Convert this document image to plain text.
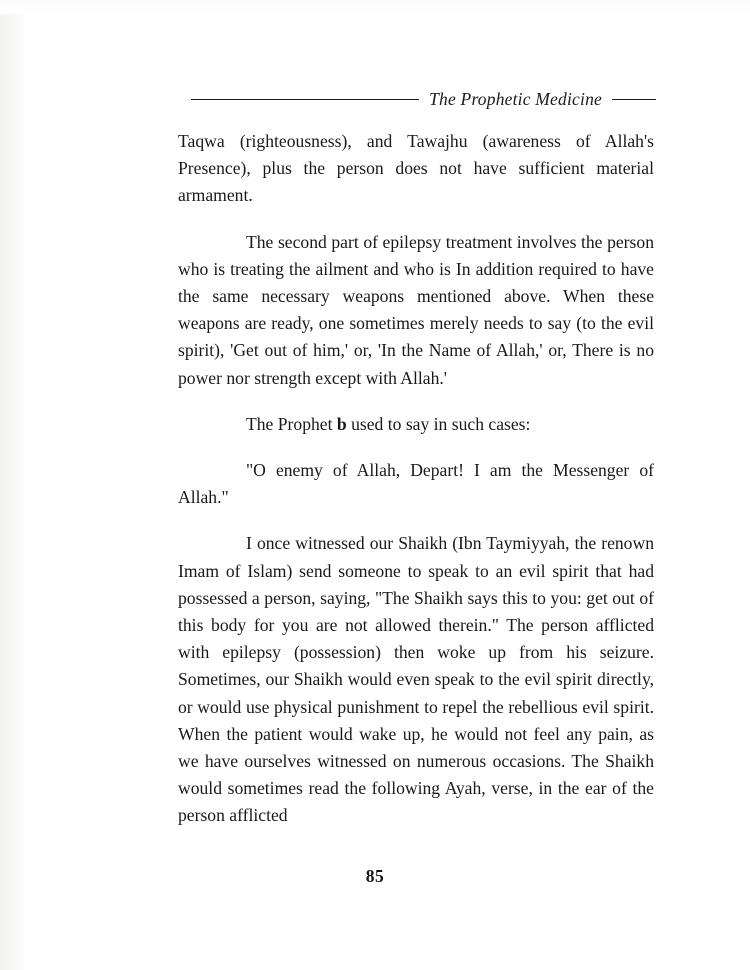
The Prophetic Medicine

Taqwa (righteousness), and Tawajhu (awareness of Allah's Presence), plus the person does not have sufficient material armament.

The second part of epilepsy treatment involves the person who is treating the ailment and who is In addition required to have the same necessary weapons mentioned above. When these weapons are ready, one sometimes merely needs to say (to the evil spirit), 'Get out of him,' or, 'In the Name of Allah,' or, There is no power nor strength except with Allah.'

The Prophet b used to say in such cases:

"O enemy of Allah, Depart! I am the Messenger of Allah."

I once witnessed our Shaikh (Ibn Taymiyyah, the renown Imam of Islam) send someone to speak to an evil spirit that had possessed a person, saying, "The Shaikh says this to you: get out of this body for you are not allowed therein." The person afflicted with epilepsy (possession) then woke up from his seizure. Sometimes, our Shaikh would even speak to the evil spirit directly, or would use physical punishment to repel the rebellious evil spirit. When the patient would wake up, he would not feel any pain, as we have ourselves witnessed on numerous occasions. The Shaikh would sometimes read the following Ayah, verse, in the ear of the person afflicted

85
